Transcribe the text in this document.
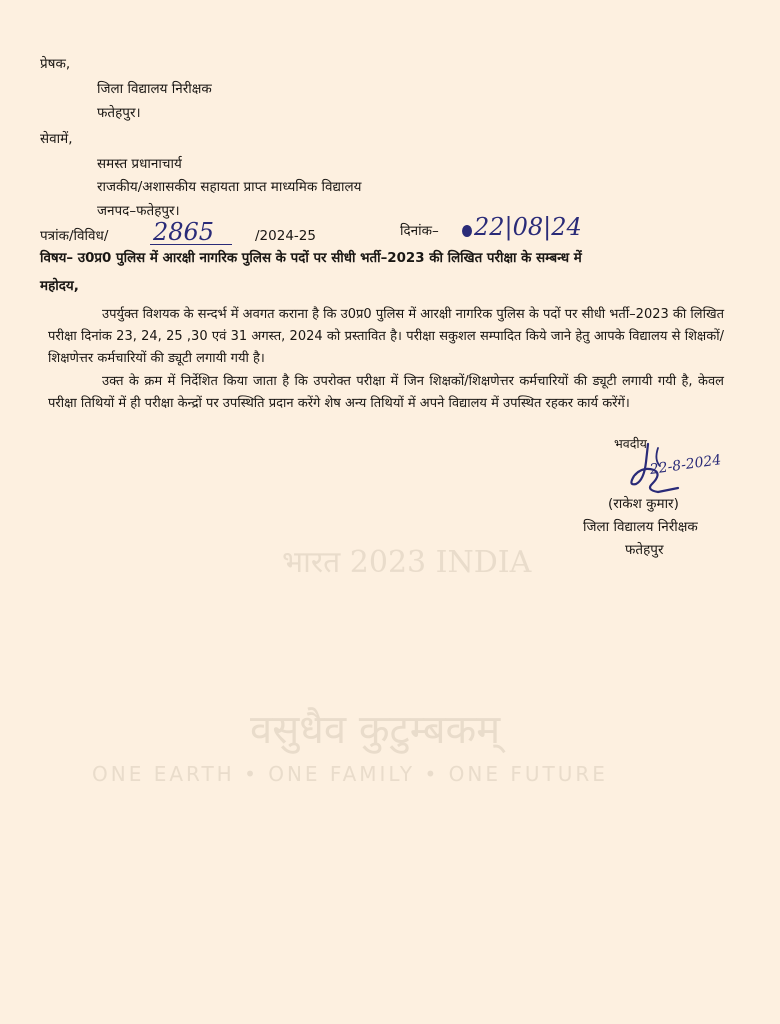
भारत 2023 INDIA
वसुधैव कुटुम्बकम्
ONE EARTH • ONE FAMILY • ONE FUTURE
प्रेषक,
जिला विद्यालय निरीक्षक
फतेहपुर।
सेवामें,
समस्त प्रधानाचार्य
राजकीय/अशासकीय सहायता प्राप्त माध्यमिक विद्यालय
जनपद–फतेहपुर।
पत्रांक/विविध/ 2865	/2024-25	दिनांक– 22|08|24
विषय– उ0प्र0 पुलिस में आरक्षी नागरिक पुलिस के पदों पर सीधी भर्ती–2023 की लिखित परीक्षा के सम्बन्ध में
महोदय,
उपर्युक्त विशयक के सन्दर्भ में अवगत कराना है कि उ0प्र0 पुलिस में आरक्षी नागरिक पुलिस के पदों पर सीधी भर्ती–2023 की लिखित परीक्षा दिनांक 23, 24, 25 ,30 एवं 31 अगस्त, 2024 को प्रस्तावित है। परीक्षा सकुशल सम्पादित किये जाने हेतु आपके विद्यालय से शिक्षकों/शिक्षणेत्तर कर्मचारियों की ड्यूटी लगायी गयी है।
उक्त के क्रम में निर्देशित किया जाता है कि उपरोक्त परीक्षा में जिन शिक्षकों/शिक्षणेत्तर कर्मचारियों की ड्यूटी लगायी गयी है, केवल परीक्षा तिथियों में ही परीक्षा केन्द्रों पर उपस्थिति प्रदान करेंगे शेष अन्य तिथियों में अपने विद्यालय में उपस्थित रहकर कार्य करेंगें।
भवदीय
22-8-2024
(राकेश कुमार)
जिला विद्यालय निरीक्षक
फतेहपुर
